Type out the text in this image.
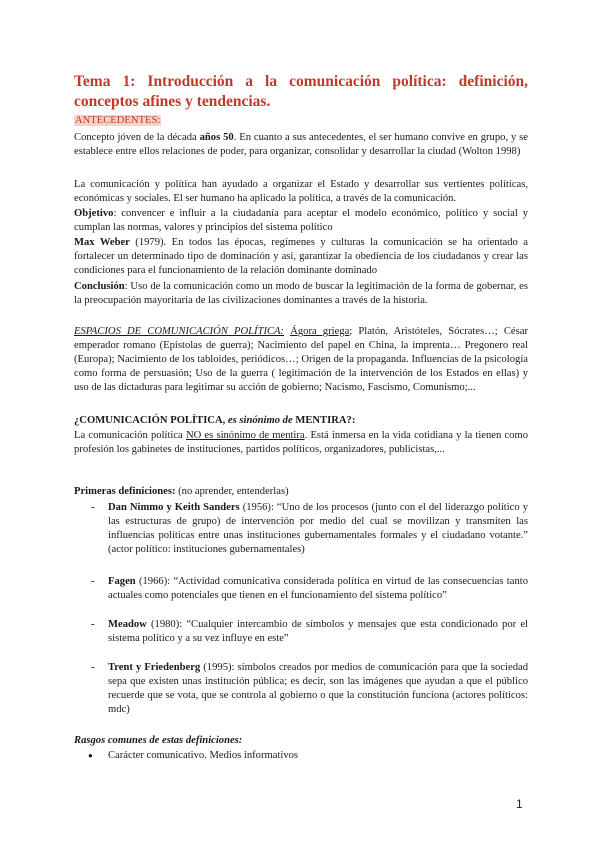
Tema 1: Introducción a la comunicación política: definición, conceptos afines y tendencias.
ANTECEDENTES:

Concepto jóven de la década años 50. En cuanto a sus antecedentes, el ser humano convive en grupo, y se establece entre ellos relaciones de poder, para organizar, consolidar y desarrollar la ciudad (Wolton 1998)

La comunicación y política han ayudado a organizar el Estado y desarrollar sus vertientes políticas, económicas y sociales. El ser humano ha aplicado la política, a través de la comunicación.

Objetivo: convencer e influir a la ciudadanía para aceptar el modelo económico, político y social y cumplan las normas, valores y principios del sistema político

Max Weber (1979). En todos las épocas, regímenes y culturas la comunicación se ha orientado a fortalecer un determinado tipo de dominación y así, garantizar la obediencia de los ciudadanos y crear las condiciones para el funcionamiento de la relación dominante dominado

Conclusión: Uso de la comunicación como un modo de buscar la legitimación de la forma de gobernar, es la preocupación mayoritaria de las civilizaciones dominantes a través de la historia.

ESPACIOS DE COMUNICACIÓN POLÍTICA: Ágora griega; Platón, Aristóteles, Sócrates…; César emperador romano (Epístolas de guerra); Nacimiento del papel en China, la imprenta… Pregonero real (Europa); Nacimiento de los tabloides, periódicos…; Origen de la propaganda. Influencias de la psicología como forma de persuasión; Uso de la guerra ( legitimación de la intervención de los Estados en ellas) y uso de las dictaduras para legitimar su acción de gobierno; Nacismo, Fascismo, Comunismo;...

¿COMUNICACIÓN POLÍTICA, es sinónimo de MENTIRA?:

La comunicación política NO es sinónimo de mentira. Está inmersa en la vida cotidiana y la tienen como profesión los gabinetes de instituciones, partidos políticos, organizadores, publicistas,...

Primeras definiciones: (no aprender, entenderlas)

- Dan Nimmo y Keith Sanders (1956): “Uno de los procesos (junto con el del liderazgo político y las estructuras de grupo) de intervención por medio del cual se movilizan y transmiten las influencias políticas entre unas instituciones gubernamentales formales y el ciudadano votante.” (actor político: instituciones gubernamentales)
- Fagen (1966): “Actividad comunicativa considerada política en virtud de las consecuencias tanto actuales como potenciales que tienen en el funcionamiento del sistema político”
- Meadow (1980): “Cualquier intercambio de símbolos y mensajes que esta condicionado por el sistema político y a su vez influye en este”
- Trent y Friedenberg (1995): símbolos creados por medios de comunicación para que la sociedad sepa que existen unas institución pública; es decir, son las imágenes que ayudan a que el público recuerde que se vota, que se controla al gobierno o que la constitución funciona (actores políticos: mdc)

Rasgos comunes de estas definiciones:

● Carácter comunicativo. Medios informativos
1
